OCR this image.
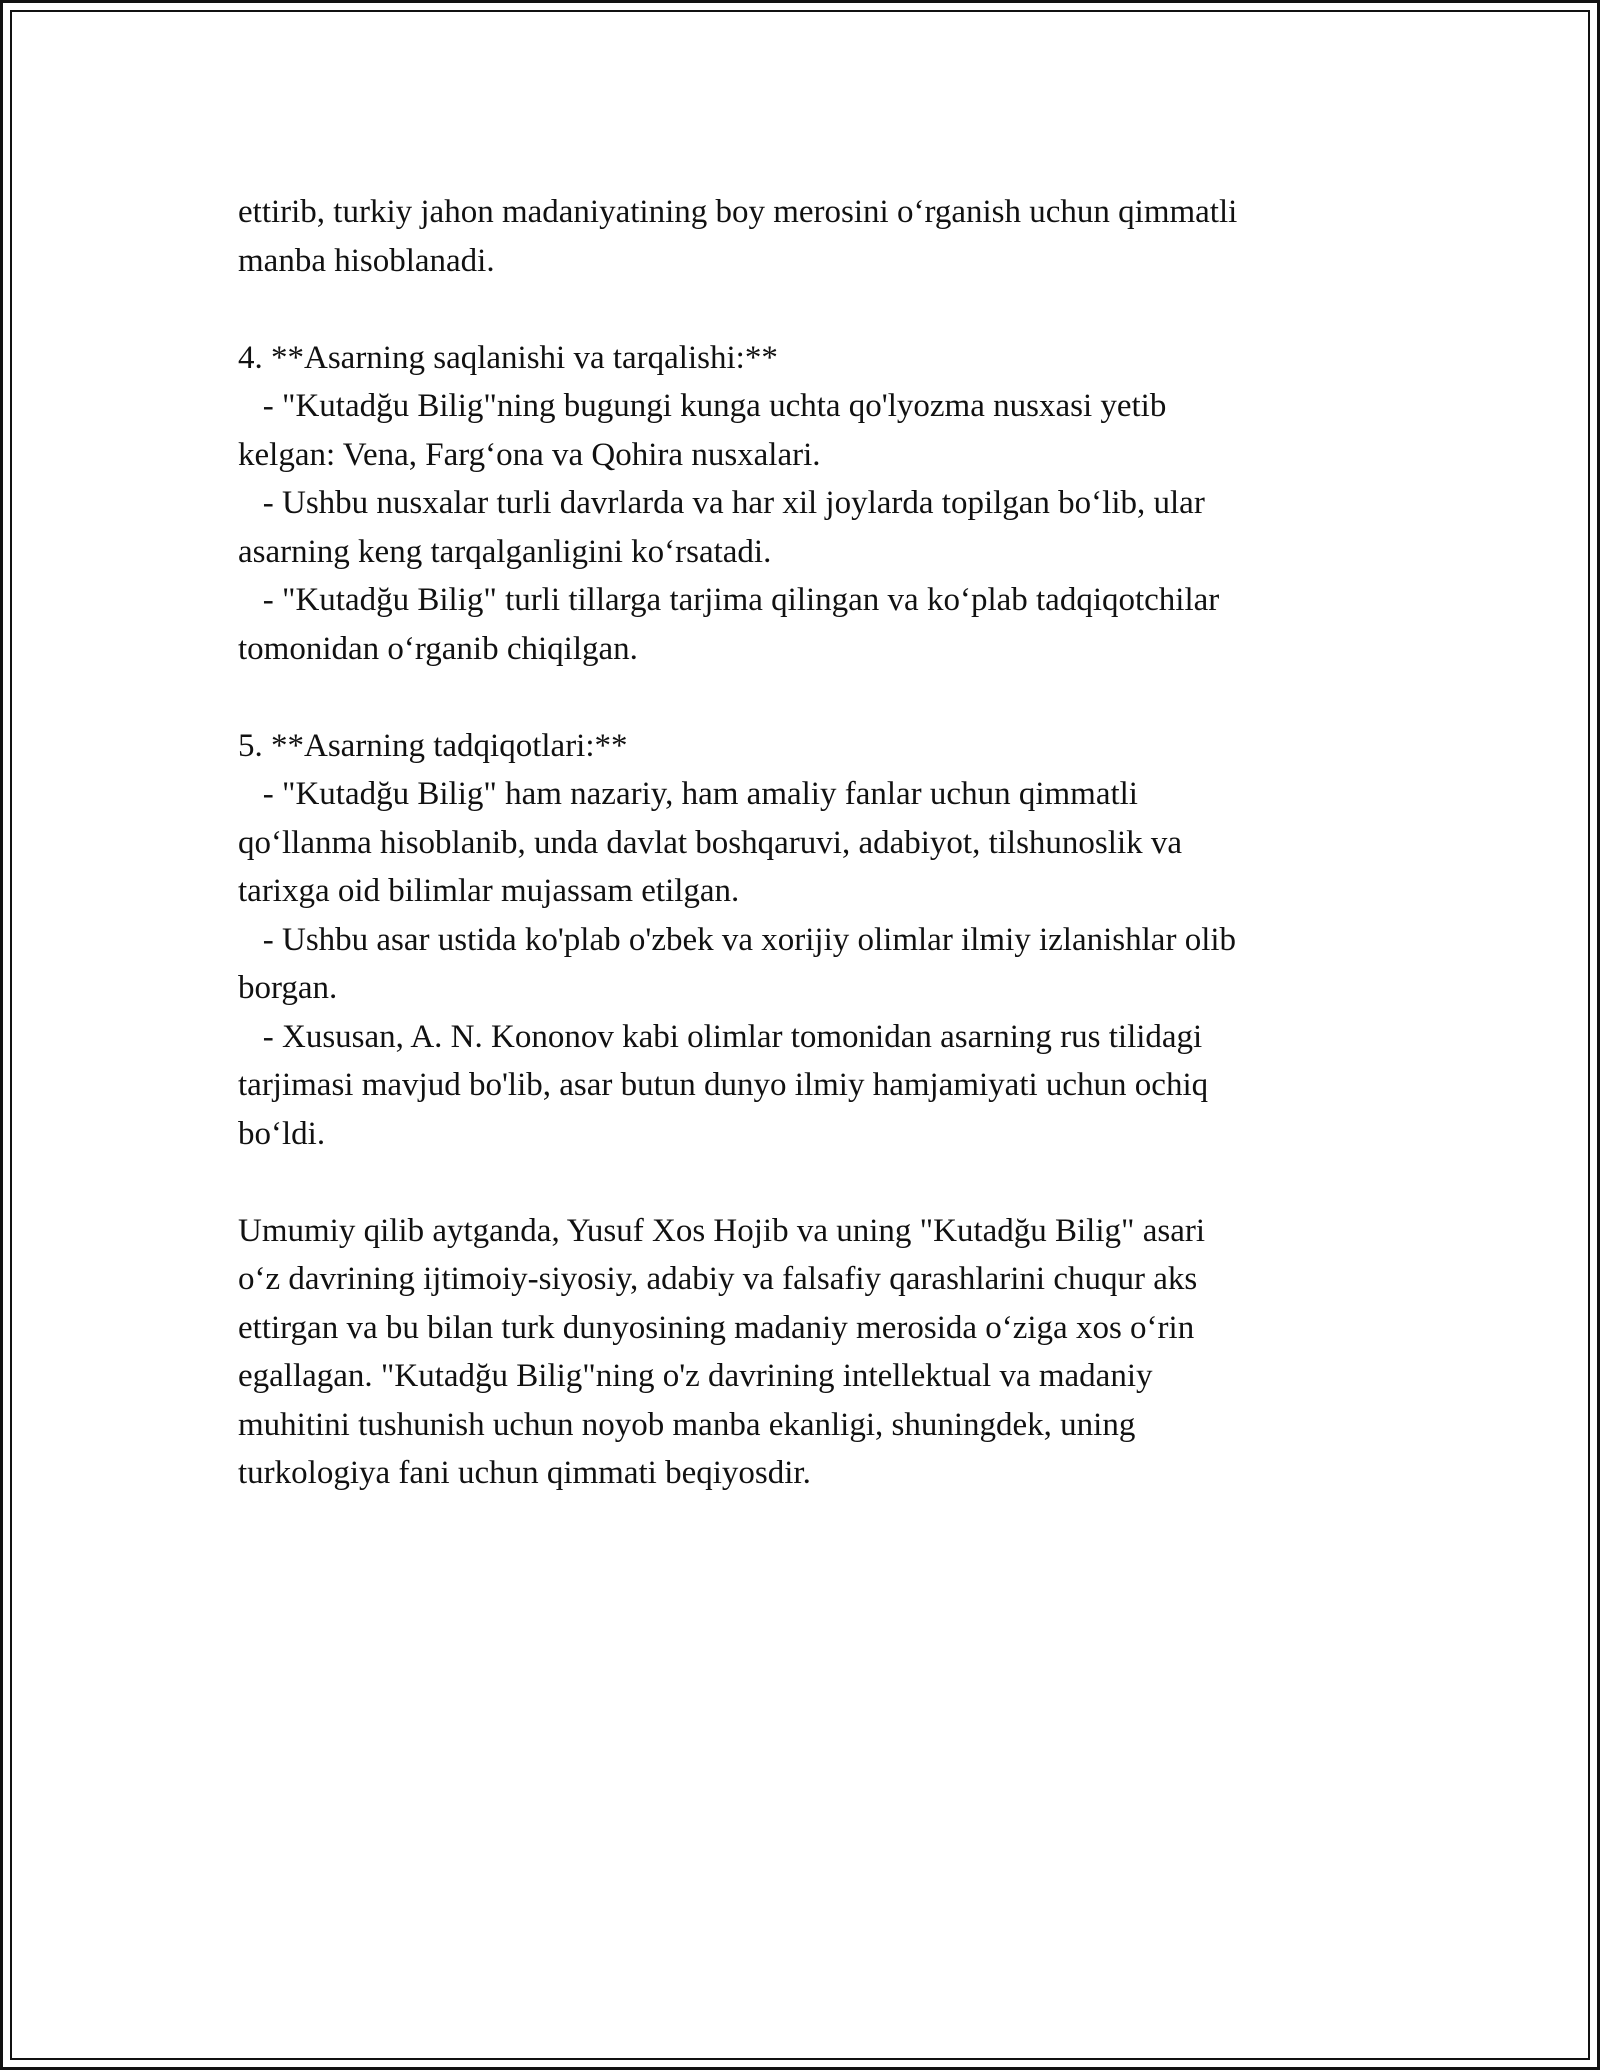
ettirib, turkiy jahon madaniyatining boy merosini o‘rganish uchun qimmatli

manba hisoblanadi.

4. **Asarning saqlanishi va tarqalishi:**

- "Kutadğu Bilig"ning bugungi kunga uchta qo'lyozma nusxasi yetib
kelgan: Vena, Farg‘ona va Qohira nusxalari.

- Ushbu nusxalar turli davrlarda va har xil joylarda topilgan bo‘lib, ular
asarning keng tarqalganligini ko‘rsatadi.

- "Kutadğu Bilig" turli tillarga tarjima qilingan va ko‘plab tadqiqotchilar
tomonidan o‘rganib chiqilgan.

5. **Asarning tadqiqotlari:**

- "Kutadğu Bilig" ham nazariy, ham amaliy fanlar uchun qimmatli
qo‘llanma hisoblanib, unda davlat boshqaruvi, adabiyot, tilshunoslik va
tarixga oid bilimlar mujassam etilgan.

- Ushbu asar ustida ko'plab o'zbek va xorijiy olimlar ilmiy izlanishlar olib
borgan.

- Xususan, A. N. Kononov kabi olimlar tomonidan asarning rus tilidagi
tarjimasi mavjud bo'lib, asar butun dunyo ilmiy hamjamiyati uchun ochiq
bo‘ldi.

Umumiy qilib aytganda, Yusuf Xos Hojib va uning "Kutadğu Bilig" asari
o‘z davrining ijtimoiy-siyosiy, adabiy va falsafiy qarashlarini chuqur aks
ettirgan va bu bilan turk dunyosining madaniy merosida o‘ziga xos o‘rin
egallagan. "Kutadğu Bilig"ning o'z davrining intellektual va madaniy
muhitini tushunish uchun noyob manba ekanligi, shuningdek, uning
turkologiya fani uchun qimmati beqiyosdir.
